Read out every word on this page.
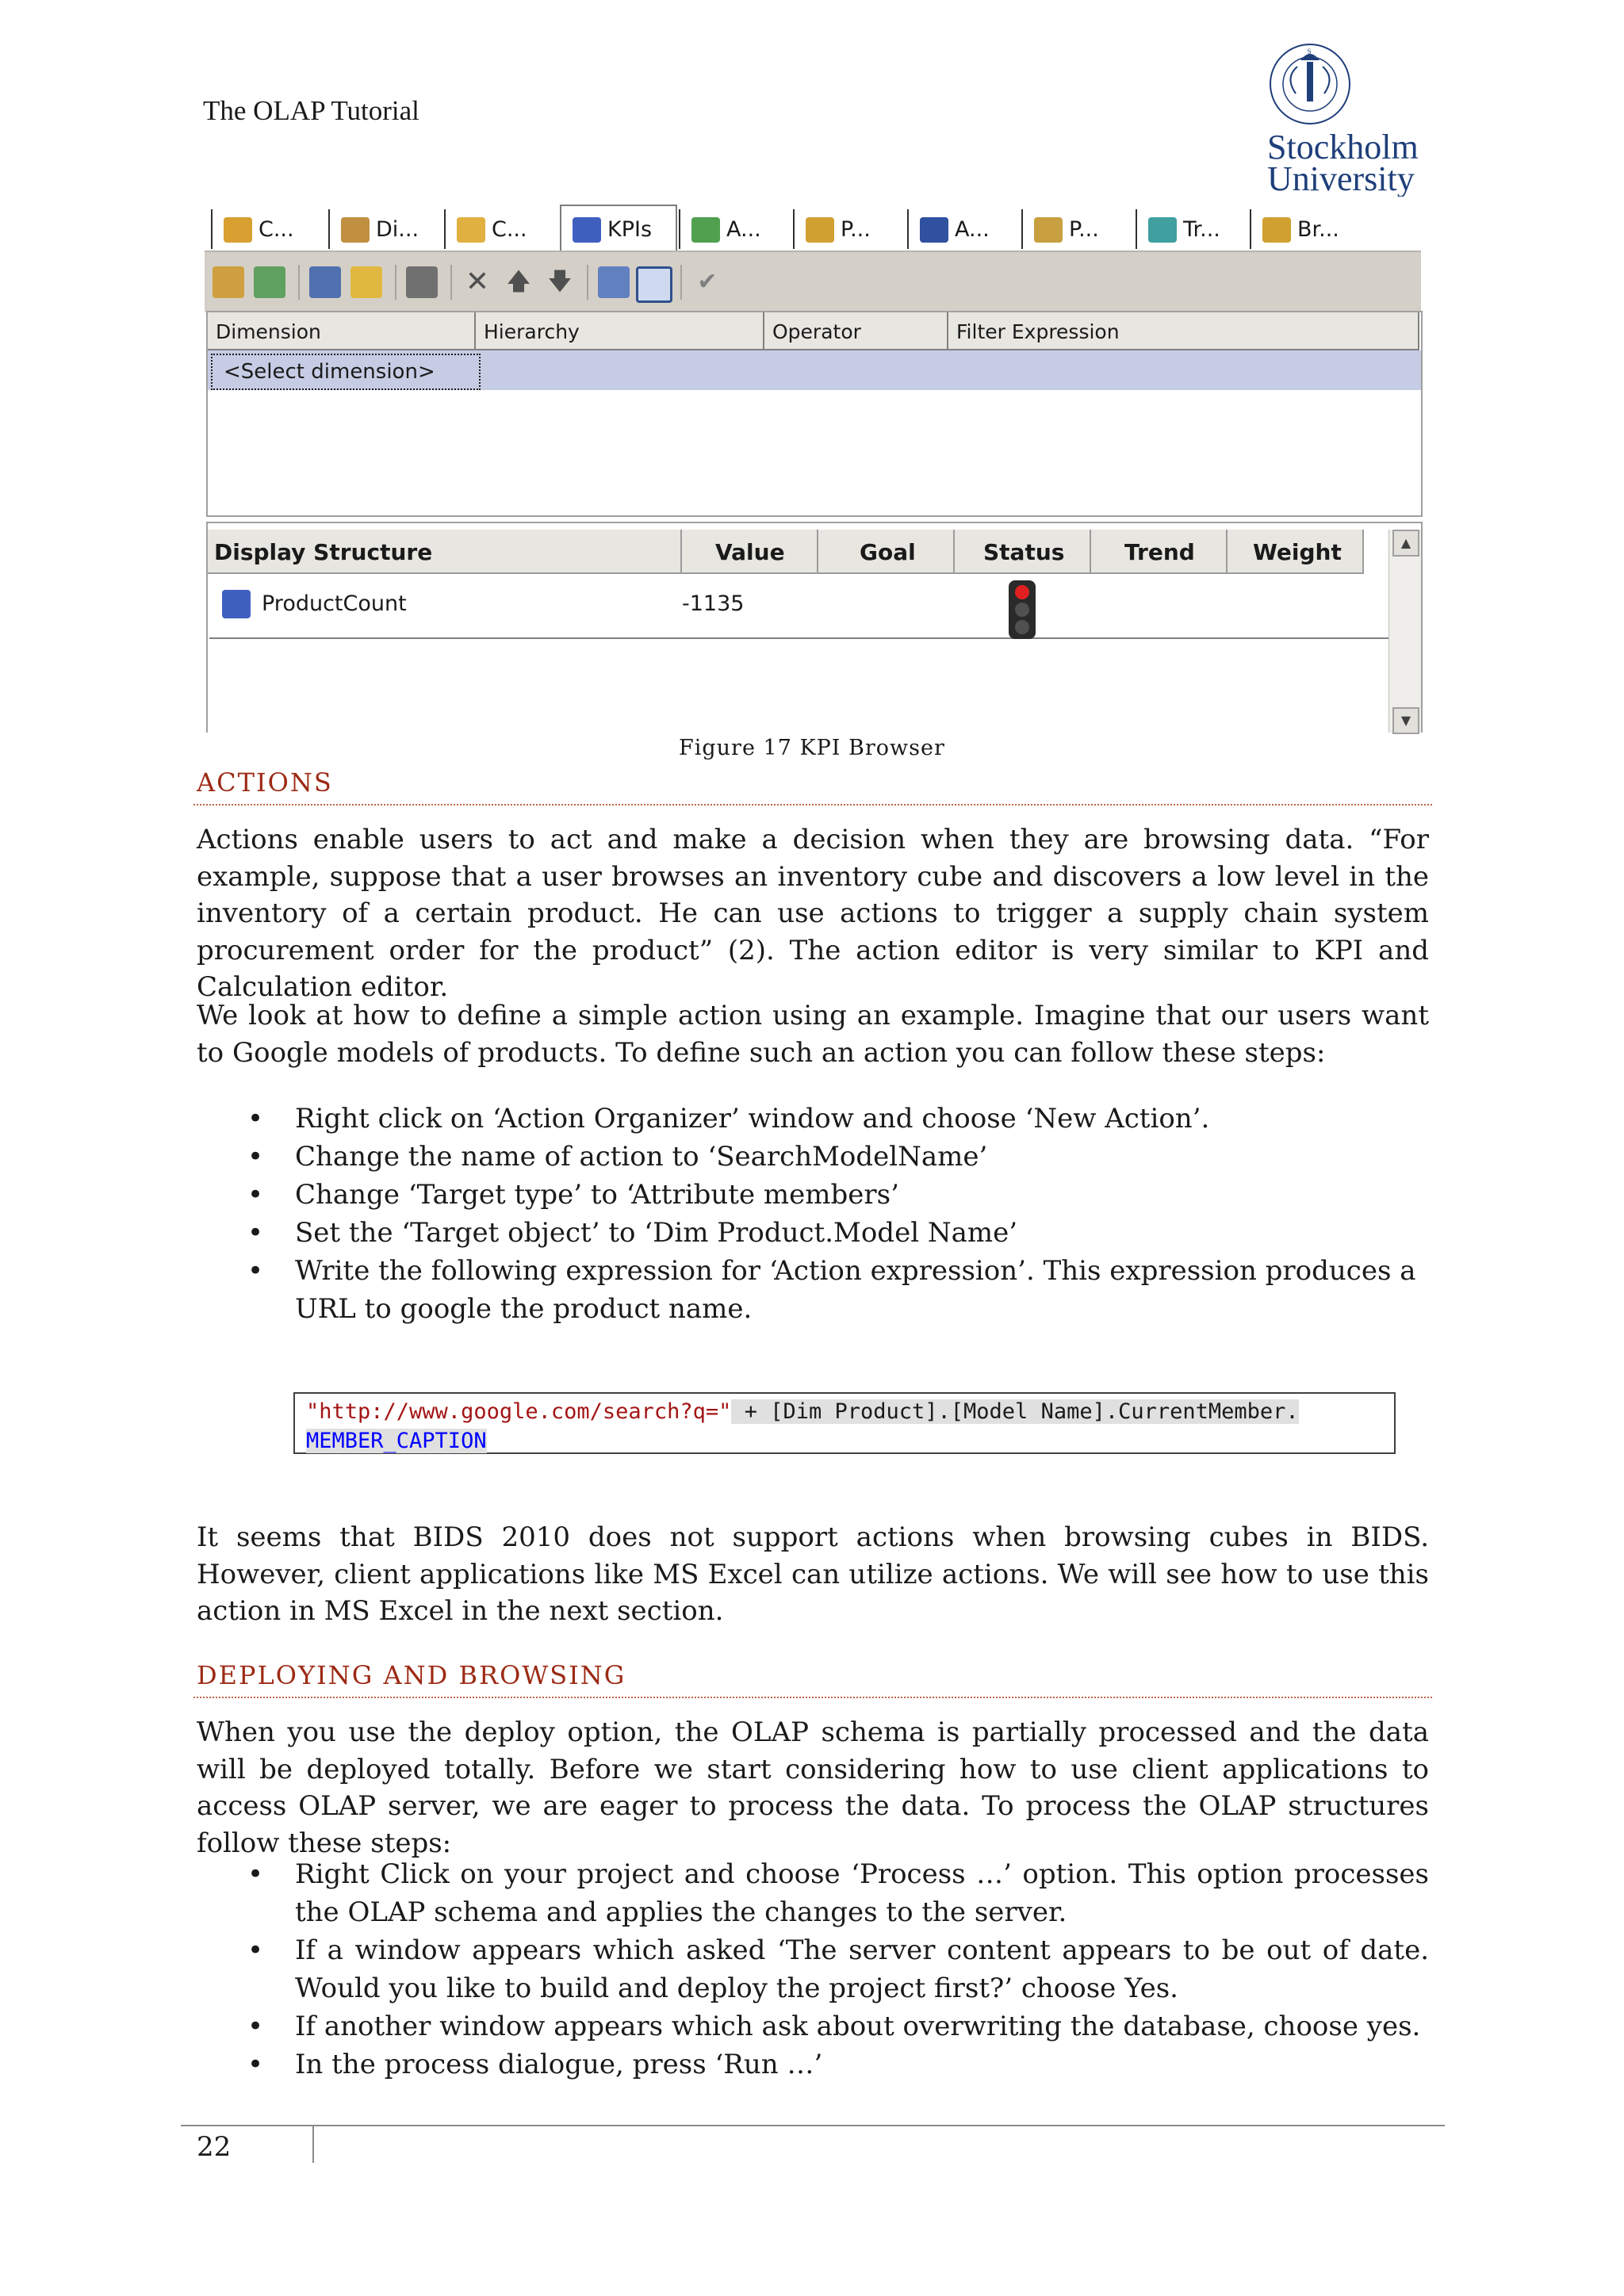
The OLAP Tutorial
S
Stockholm
University
C...	Di...	C...	KPIs	A...	P...	A...	P...	Tr...	Br...
✕ 🡅 🡇	✔
Dimension	Hierarchy	Operator	Filter Expression
<Select dimension>
Display Structure	Value	Goal	Status	Trend	Weight
ProductCount	-1135
▲
▼
Figure 17 KPI Browser
ACTIONS
Actions enable users to act and make a decision when they are browsing data. “For example, suppose that a user browses an inventory cube and discovers a low level in the inventory of a certain product. He can use actions to trigger a supply chain system procurement order for the product” (2). The action editor is very similar to KPI and Calculation editor.
We look at how to define a simple action using an example. Imagine that our users want to Google models of products. To define such an action you can follow these steps:
• Right click on ‘Action Organizer’ window and choose ‘New Action’.
• Change the name of action to ‘SearchModelName’
• Change ‘Target type’ to ‘Attribute members’
• Set the ‘Target object’ to ‘Dim Product.Model Name’
• Write the following expression for ‘Action expression’. This expression produces a URL to google the product name.
"http://www.google.com/search?q=" + [Dim Product].[Model Name].CurrentMember.
MEMBER_CAPTION
It seems that BIDS 2010 does not support actions when browsing cubes in BIDS. However, client applications like MS Excel can utilize actions. We will see how to use this action in MS Excel in the next section.
DEPLOYING AND BROWSING
When you use the deploy option, the OLAP schema is partially processed and the data will be deployed totally. Before we start considering how to use client applications to access OLAP server, we are eager to process the data. To process the OLAP structures follow these steps:
• Right Click on your project and choose ‘Process …’ option. This option processes the OLAP schema and applies the changes to the server.
• If a window appears which asked ‘The server content appears to be out of date. Would you like to build and deploy the project first?’ choose Yes.
• If another window appears which ask about overwriting the database, choose yes.
• In the process dialogue, press ‘Run …’
22
